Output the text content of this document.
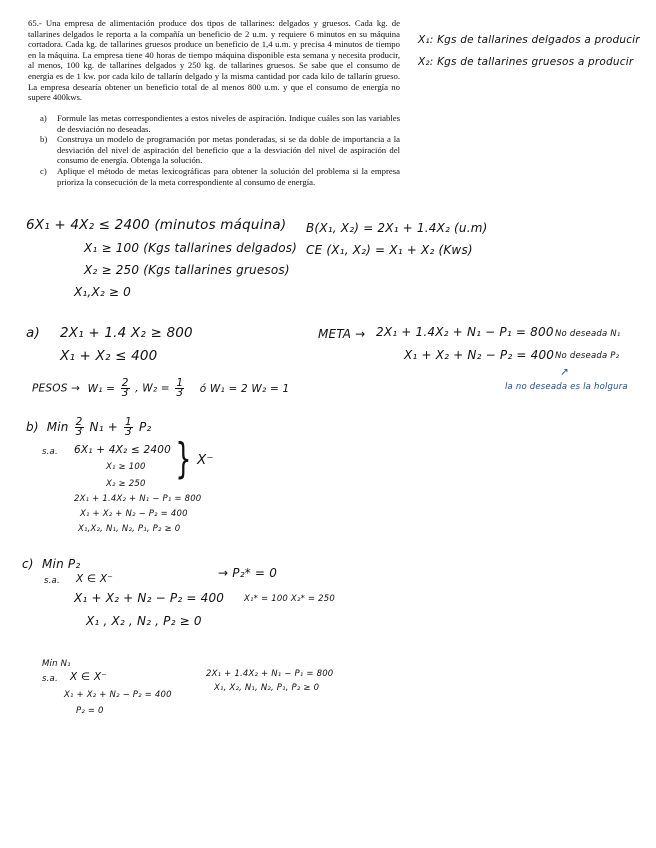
65.- Una empresa de alimentación produce dos tipos de tallarines: delgados y gruesos. Cada kg. de tallarines delgados le reporta a la compañía un beneficio de 2 u.m. y requiere 6 minutos en su máquina cortadora. Cada kg. de tallarines gruesos produce un beneficio de 1,4 u.m. y precisa 4 minutos de tiempo en la máquina. La empresa tiene 40 horas de tiempo máquina disponible esta semana y necesita producir, al menos, 100 kg. de tallarines delgados y 250 kg. de tallarines gruesos. Se sabe que el consumo de energía es de 1 kw. por cada kilo de tallarín delgado y la misma cantidad por cada kilo de tallarín grueso. La empresa desearía obtener un beneficio total de al menos 800 u.m. y que el consumo de energía no supere 400kws.

a) Formule las metas correspondientes a estos niveles de aspiración. Indique cuáles son las variables de desviación no deseadas.
b) Construya un modelo de programación por metas ponderadas, si se da doble de importancia a la desviación del nivel de aspiración del beneficio que a la desviación del nivel de aspiración del consumo de energía. Obtenga la solución.
c) Aplique el método de metas lexicográficas para obtener la solución del problema si la empresa prioriza la consecución de la meta correspondiente al consumo de energía.
X₁: Kgs de tallarines delgados a producir
X₂: Kgs de tallarines gruesos a producir
6X₁ + 4X₂ ≤ 2400 (minutos máquina)
X₁ ≥ 100 (Kgs tallarines delgados)
X₂ ≥ 250 (Kgs tallarines gruesos)
X₁,X₂ ≥ 0
B(X₁, X₂) = 2X₁ + 1.4X₂ (u.m)
CE (X₁, X₂) = X₁ + X₂ (Kws)
a) 2X₁ + 1.4 X₂ ≥ 800
X₁ + X₂ ≤ 400
META → 2X₁ + 1.4X₂ + N₁ − P₁ = 800
X₁ + X₂ + N₂ − P₂ = 400
No deseada N₁
No deseada P₂
↗
la no deseada es la holgura
PESOS → $W_1 = \frac{2}{3}$ , $W_2 = \frac{1}{3}$ ó W₁ = 2 W₂ = 1
b) Min $\frac{2}{3} N_1 + \frac{1}{3} P_2$
s.a. 6X₁ + 4X₂ ≤ 2400
X₁ ≥ 100
X₂ ≥ 250
} X⁻
2X₁ + 1.4X₂ + N₁ − P₁ = 800
X₁ + X₂ + N₂ − P₂ = 400
X₁,X₂, N₁, N₂, P₁, P₂ ≥ 0
c) Min P₂
s.a. X ∈ X⁻	→ P₂* = 0
X₁ + X₂ + N₂ − P₂ = 400 X₁* = 100 X₂* = 250
X₁ , X₂ , N₂ , P₂ ≥ 0
Min N₁
s.a. X ∈ X⁻
X₁ + X₂ + N₂ − P₂ = 400
P₂ = 0
2X₁ + 1.4X₂ + N₁ − P₁ = 800
X₁, X₂, N₁, N₂, P₁, P₂ ≥ 0
